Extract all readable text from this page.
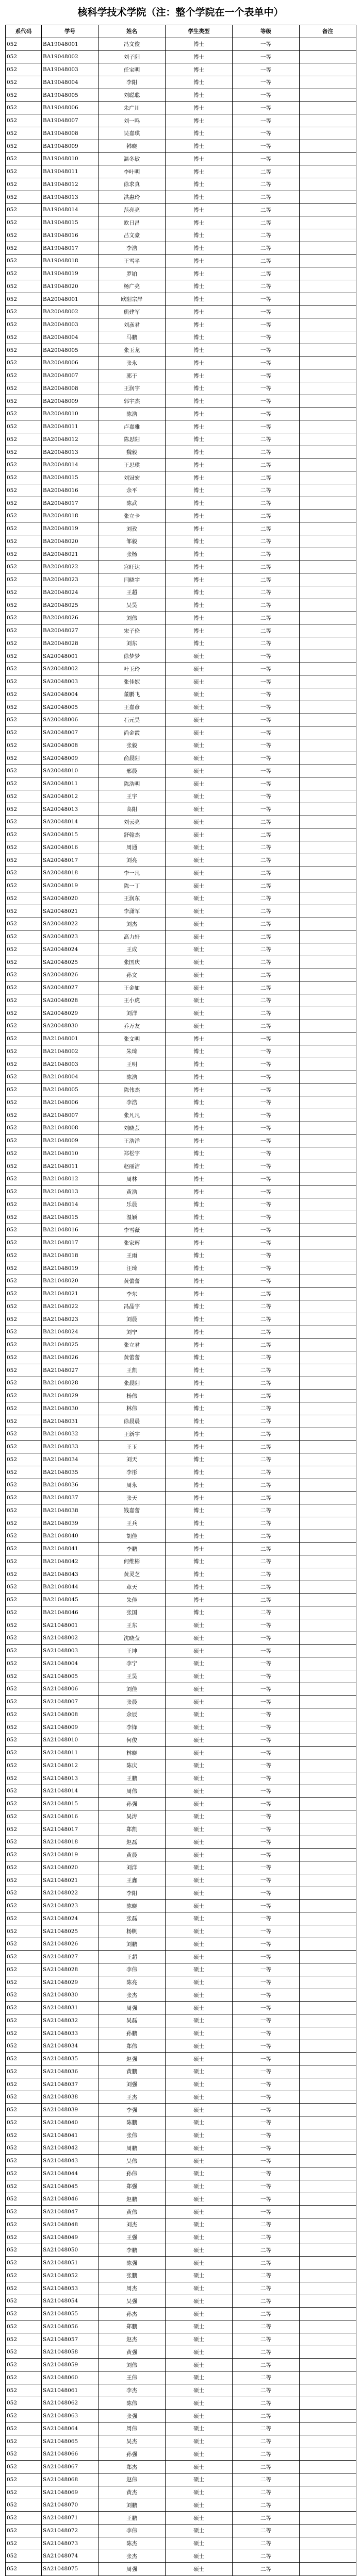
核科学技术学院（注：整个学院在一个表单中）
系代码	学号	姓名	学生类型	等级	备注
052	BA19048001	冯文俊	博士	一等	
052	BA19048002	刘子阳	博士	一等	
052	BA19048003	任宝明	博士	一等	
052	BA19048004	李阳	博士	一等	
052	BA19048005	刘聪聪	博士	一等	
052	BA19048006	朱广川	博士	一等	
052	BA19048007	刘一鸣	博士	一等	
052	BA19048008	吴嘉琪	博士	一等	
052	BA19048009	韩晓	博士	一等	
052	BA19048010	温冬敏	博士	一等	
052	BA19048011	李叶明	博士	二等	
052	BA19048012	徐求真	博士	二等	
052	BA19048013	洪惠玲	博士	二等	
052	BA19048014	范亮亮	博士	二等	
052	BA19048015	欧日昌	博士	二等	
052	BA19048016	吕文豪	博士	二等	
052	BA19048017	李浩	博士	二等	
052	BA19048018	王雪平	博士	二等	
052	BA19048019	罗铂	博士	二等	
052	BA19048020	杨广亮	博士	二等	
052	BA20048001	欧阳宗岸	博士	一等	
052	BA20048002	熊建军	博士	一等	
052	BA20048003	刘彦君	博士	一等	
052	BA20048004	马鹏	博士	一等	
052	BA20048005	张玉龙	博士	一等	
052	BA20048006	张永	博士	一等	
052	BA20048007	郭于	博士	一等	
052	BA20048008	王润宇	博士	一等	
052	BA20048009	郭宇杰	博士	一等	
052	BA20048010	陈浩	博士	一等	
052	BA20048011	卢嘉雅	博士	一等	
052	BA20048012	陈思阳	博士	二等	
052	BA20048013	魏毅	博士	二等	
052	BA20048014	王思琪	博士	二等	
052	BA20048015	刘冠宏	博士	二等	
052	BA20048016	余平	博士	二等	
052	BA20048017	陈武	博士	二等	
052	BA20048018	张立卡	博士	二等	
052	BA20048019	刘孜	博士	二等	
052	BA20048020	邹毅	博士	二等	
052	BA20048021	张杨	博士	二等	
052	BA20048022	宫旺达	博士	二等	
052	BA20048023	闫晓宇	博士	二等	
052	BA20048024	王超	博士	二等	
052	BA20048025	吴昊	博士	二等	
052	BA20048026	刘伟	博士	二等	
052	BA20048027	宋子伦	博士	二等	
052	BA20048028	刘东	博士	二等	
052	SA20048001	徐梦梦	硕士	一等	
052	SA20048002	叶玉玲	硕士	一等	
052	SA20048003	张佳妮	硕士	一等	
052	SA20048004	董鹏飞	硕士	一等	
052	SA20048005	王嘉彦	硕士	一等	
052	SA20048006	石元昊	硕士	一等	
052	SA20048007	尚金霞	硕士	一等	
052	SA20048008	张毅	硕士	一等	
052	SA20048009	俞晨阳	硕士	一等	
052	SA20048010	邢晨	硕士	一等	
052	SA20048011	陈浩明	硕士	一等	
052	SA20048012	王宇	硕士	一等	
052	SA20048013	高阳	硕士	一等	
052	SA20048014	刘云亮	硕士	二等	
052	SA20048015	舒翰杰	硕士	二等	
052	SA20048016	周通	硕士	二等	
052	SA20048017	刘亮	硕士	二等	
052	SA20048018	李一凡	硕士	二等	
052	SA20048019	陈一丁	硕士	二等	
052	SA20048020	王润东	硕士	二等	
052	SA20048021	李潇军	硕士	二等	
052	SA20048022	刘杰	硕士	二等	
052	SA20048023	高力轩	硕士	二等	
052	SA20048024	王成	硕士	二等	
052	SA20048025	张国庆	硕士	二等	
052	SA20048026	孙文	硕士	二等	
052	SA20048027	王金如	硕士	二等	
052	SA20048028	王小虎	硕士	二等	
052	SA20048029	刘洋	硕士	二等	
052	SA20048030	乔万友	硕士	二等	
052	BA21048001	张文明	博士	一等	
052	BA21048002	朱琦	博士	一等	
052	BA21048003	王明	博士	一等	
052	BA21048004	陈浩	博士	一等	
052	BA21048005	陈伟杰	博士	一等	
052	BA21048006	李浩	博士	一等	
052	BA21048007	张凡凡	博士	一等	
052	BA21048008	刘晓芸	博士	一等	
052	BA21048009	王浩洋	博士	一等	
052	BA21048010	郑松宇	博士	一等	
052	BA21048011	赵丽洁	博士	一等	
052	BA21048012	周林	博士	一等	
052	BA21048013	黄浩	博士	一等	
052	BA21048014	乐晨	博士	一等	
052	BA21048015	温颖	博士	一等	
052	BA21048016	李雪薇	博士	一等	
052	BA21048017	张家辉	博士	一等	
052	BA21048018	王雨	博士	一等	
052	BA21048019	汪琦	博士	一等	
052	BA21048020	黄蕾蕾	博士	一等	
052	BA21048021	李东	博士	二等	
052	BA21048022	冯晶宇	博士	二等	
052	BA21048023	刘晨	博士	二等	
052	BA21048024	刘宁	博士	二等	
052	BA21048025	张立君	博士	二等	
052	BA21048026	黄蕾蕾	博士	二等	
052	BA21048027	王凯	博士	二等	
052	BA21048028	张晨阳	博士	二等	
052	BA21048029	杨伟	博士	二等	
052	BA21048030	林伟	博士	二等	
052	BA21048031	徐晨晨	博士	二等	
052	BA21048032	王新宇	博士	二等	
052	BA21048033	王玉	博士	二等	
052	BA21048034	刘天	博士	二等	
052	BA21048035	李彤	博士	二等	
052	BA21048036	周永	博士	二等	
052	BA21048037	张天	博士	二等	
052	BA21048038	钱嘉蕾	博士	二等	
052	BA21048039	王兵	博士	二等	
052	BA21048040	胡佳	博士	二等	
052	BA21048041	李鹏	博士	二等	
052	BA21048042	何维彬	博士	二等	
052	BA21048043	黄灵芝	博士	二等	
052	BA21048044	章天	博士	二等	
052	BA21048045	朱佳	博士	二等	
052	BA21048046	张国	博士	二等	
052	SA21048001	王东	硕士	一等	
052	SA21048002	沈晓莹	硕士	一等	
052	SA21048003	王坤	硕士	一等	
052	SA21048004	李宁	硕士	一等	
052	SA21048005	王昊	硕士	一等	
052	SA21048006	刘佳	硕士	一等	
052	SA21048007	张晨	硕士	一等	
052	SA21048008	余辰	硕士	一等	
052	SA21048009	李锋	硕士	一等	
052	SA21048010	何俊	硕士	一等	
052	SA21048011	林晓	硕士	一等	
052	SA21048012	陈庆	硕士	一等	
052	SA21048013	王鹏	硕士	一等	
052	SA21048014	周伟	硕士	一等	
052	SA21048015	孙强	硕士	一等	
052	SA21048016	吴涛	硕士	一等	
052	SA21048017	郑凯	硕士	一等	
052	SA21048018	赵磊	硕士	一等	
052	SA21048019	黄晨	硕士	一等	
052	SA21048020	刘洋	硕士	一等	
052	SA21048021	王鑫	硕士	一等	
052	SA21048022	李阳	硕士	一等	
052	SA21048023	陈晓	硕士	一等	
052	SA21048024	张磊	硕士	一等	
052	SA21048025	杨帆	硕士	一等	
052	SA21048026	刘鹏	硕士	一等	
052	SA21048027	王超	硕士	一等	
052	SA21048028	李伟	硕士	一等	
052	SA21048029	陈亮	硕士	一等	
052	SA21048030	张杰	硕士	一等	
052	SA21048031	周强	硕士	一等	
052	SA21048032	吴磊	硕士	一等	
052	SA21048033	孙鹏	硕士	一等	
052	SA21048034	郑伟	硕士	一等	
052	SA21048035	赵强	硕士	一等	
052	SA21048036	黄鹏	硕士	一等	
052	SA21048037	刘强	硕士	一等	
052	SA21048038	王杰	硕士	一等	
052	SA21048039	李强	硕士	一等	
052	SA21048040	陈鹏	硕士	一等	
052	SA21048041	张伟	硕士	一等	
052	SA21048042	周鹏	硕士	一等	
052	SA21048043	吴伟	硕士	一等	
052	SA21048044	孙伟	硕士	一等	
052	SA21048045	郑强	硕士	一等	
052	SA21048046	赵鹏	硕士	一等	
052	SA21048047	黄伟	硕士	一等	
052	SA21048048	刘杰	硕士	二等	
052	SA21048049	王强	硕士	二等	
052	SA21048050	李鹏	硕士	二等	
052	SA21048051	陈强	硕士	二等	
052	SA21048052	张鹏	硕士	二等	
052	SA21048053	周杰	硕士	二等	
052	SA21048054	吴强	硕士	二等	
052	SA21048055	孙杰	硕士	二等	
052	SA21048056	郑鹏	硕士	二等	
052	SA21048057	赵杰	硕士	二等	
052	SA21048058	黄强	硕士	二等	
052	SA21048059	刘伟	硕士	二等	
052	SA21048060	王伟	硕士	二等	
052	SA21048061	李杰	硕士	二等	
052	SA21048062	陈伟	硕士	二等	
052	SA21048063	张强	硕士	二等	
052	SA21048064	周伟	硕士	二等	
052	SA21048065	吴杰	硕士	二等	
052	SA21048066	孙强	硕士	二等	
052	SA21048067	郑杰	硕士	二等	
052	SA21048068	赵伟	硕士	二等	
052	SA21048069	黄杰	硕士	二等	
052	SA21048070	刘鹏	硕士	二等	
052	SA21048071	王鹏	硕士	二等	
052	SA21048072	李伟	硕士	二等	
052	SA21048073	陈杰	硕士	二等	
052	SA21048074	张杰	硕士	二等	
052	SA21048075	周强	硕士	二等	
